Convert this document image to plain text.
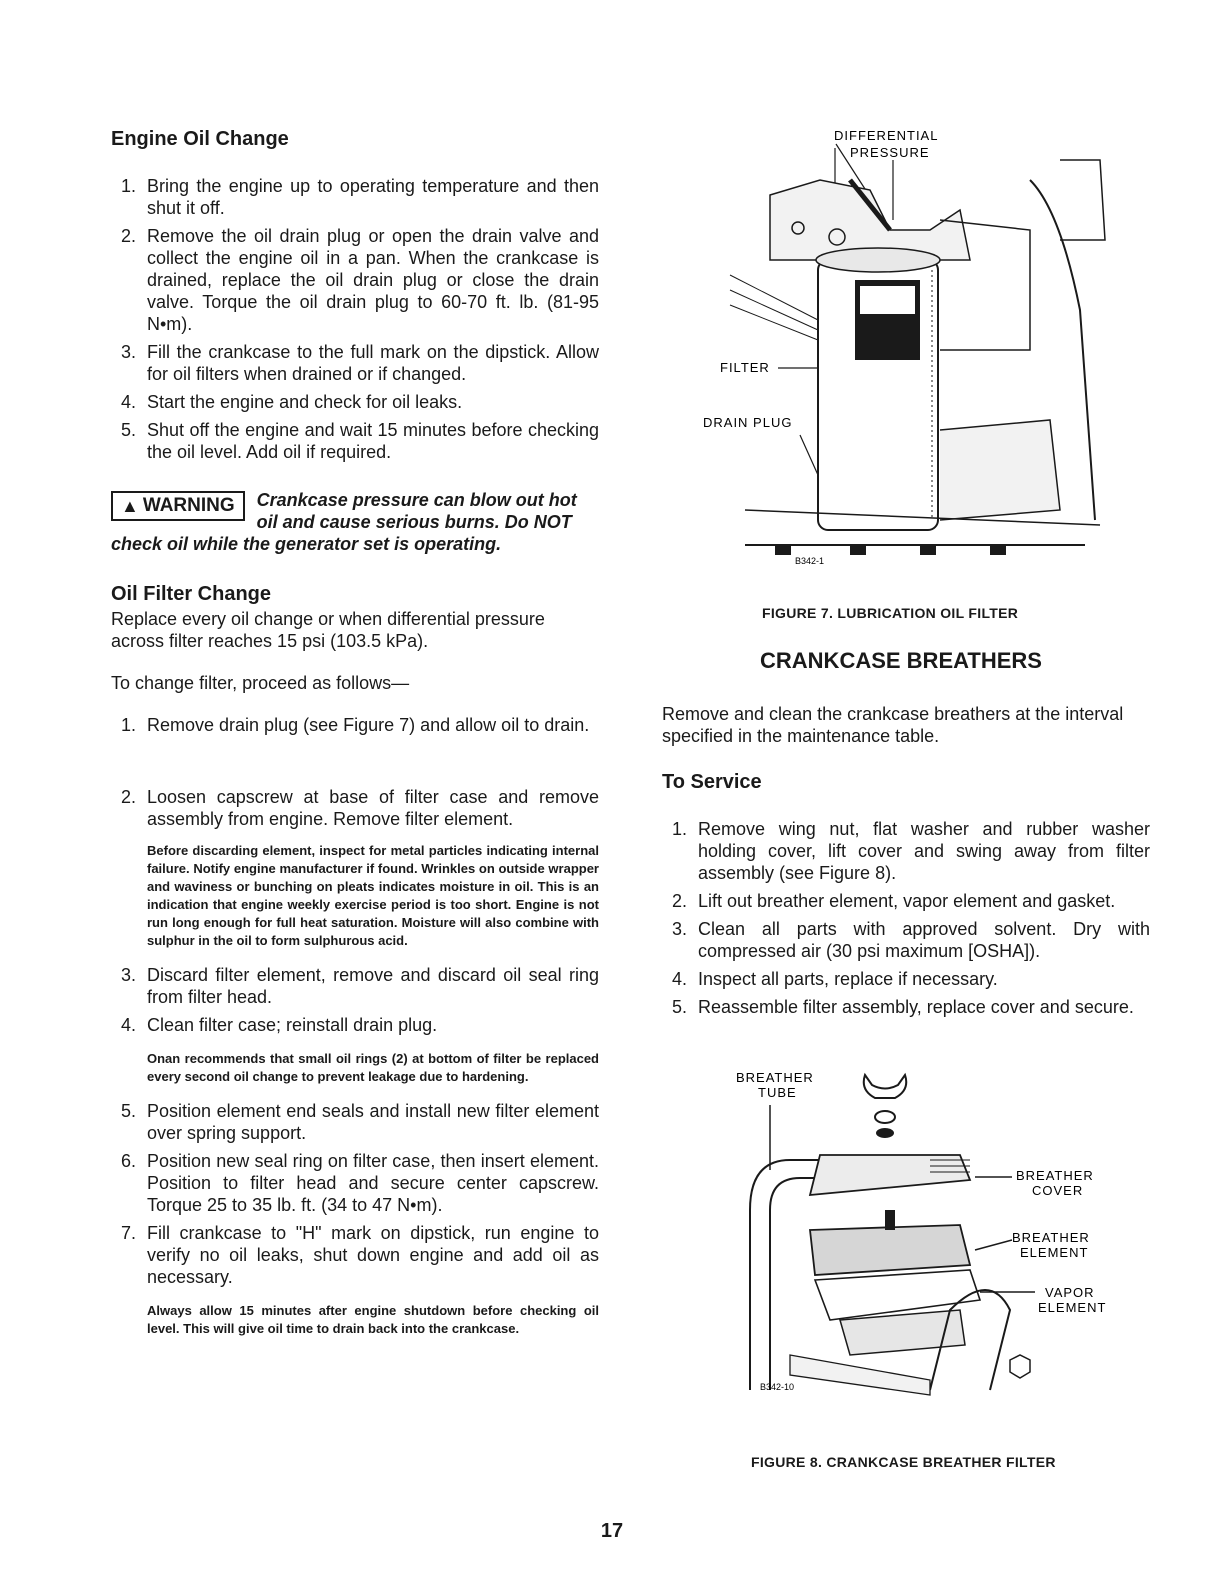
Engine Oil Change
1. Bring the engine up to operating temperature and then shut it off.
2. Remove the oil drain plug or open the drain valve and collect the engine oil in a pan. When the crankcase is drained, replace the oil drain plug or close the drain valve. Torque the oil drain plug to 60-70 ft. lb. (81-95 N•m).
3. Fill the crankcase to the full mark on the dipstick. Allow for oil filters when drained or if changed.
4. Start the engine and check for oil leaks.
5. Shut off the engine and wait 15 minutes before checking the oil level. Add oil if required.
▲ WARNING Crankcase pressure can blow out hot oil and cause serious burns. Do NOT check oil while the generator set is operating.
Oil Filter Change

Replace every oil change or when differential pressure across filter reaches 15 psi (103.5 kPa).

To change filter, proceed as follows—

1. Remove drain plug (see Figure 7) and allow oil to drain.
2. Loosen capscrew at base of filter case and remove assembly from engine. Remove filter element.

Before discarding element, inspect for metal particles indicating internal failure. Notify engine manufacturer if found. Wrinkles on outside wrapper and waviness or bunching on pleats indicates moisture in oil. This is an indication that engine weekly exercise period is too short. Engine is not run long enough for full heat saturation. Moisture will also combine with sulphur in the oil to form sulphurous acid.

3. Discard filter element, remove and discard oil seal ring from filter head.
4. Clean filter case; reinstall drain plug.

Onan recommends that small oil rings (2) at bottom of filter be replaced every second oil change to prevent leakage due to hardening.

5. Position element end seals and install new filter element over spring support.
6. Position new seal ring on filter case, then insert element. Position to filter head and secure center capscrew. Torque 25 to 35 lb. ft. (34 to 47 N•m).
7. Fill crankcase to "H" mark on dipstick, run engine to verify no oil leaks, shut down engine and add oil as necessary.

Always allow 15 minutes after engine shutdown before checking oil level. This will give oil time to drain back into the crankcase.

DIFFERENTIAL
PRESSURE
FILTER
DRAIN PLUG
B342-1
FIGURE 7. LUBRICATION OIL FILTER
CRANKCASE BREATHERS

Remove and clean the crankcase breathers at the interval specified in the maintenance table.

To Service
1. Remove wing nut, flat washer and rubber washer holding cover, lift cover and swing away from filter assembly (see Figure 8).
2. Lift out breather element, vapor element and gasket.
3. Clean all parts with approved solvent. Dry with compressed air (30 psi maximum [OSHA]).
4. Inspect all parts, replace if necessary.
5. Reassemble filter assembly, replace cover and secure.
BREATHER
TUBE
BREATHER
COVER
BREATHER
ELEMENT
VAPOR
ELEMENT
B342-10
FIGURE 8. CRANKCASE BREATHER FILTER
17
